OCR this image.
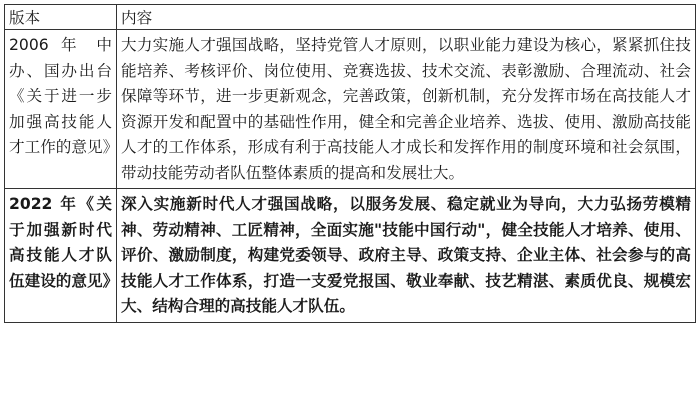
版本	内容
2006 年 中办、国办出台《关于进一步加强高技能人才工作的意见》	大力实施人才强国战略，坚持党管人才原则，以职业能力建设为核心，紧紧抓住技能培养、考核评价、岗位使用、竞赛选拔、技术交流、表彰激励、合理流动、社会保障等环节，进一步更新观念，完善政策，创新机制，充分发挥市场在高技能人才资源开发和配置中的基础性作用，健全和完善企业培养、选拔、使用、激励高技能人才的工作体系，形成有利于高技能人才成长和发挥作用的制度环境和社会氛围，带动技能劳动者队伍整体素质的提高和发展壮大。
2022 年《关于加强新时代高技能人才队伍建设的意见》	深入实施新时代人才强国战略，以服务发展、稳定就业为导向，大力弘扬劳模精神、劳动精神、工匠精神，全面实施"技能中国行动"，健全技能人才培养、使用、评价、激励制度，构建党委领导、政府主导、政策支持、企业主体、社会参与的高技能人才工作体系，打造一支爱党报国、敬业奉献、技艺精湛、素质优良、规模宏大、结构合理的高技能人才队伍。
